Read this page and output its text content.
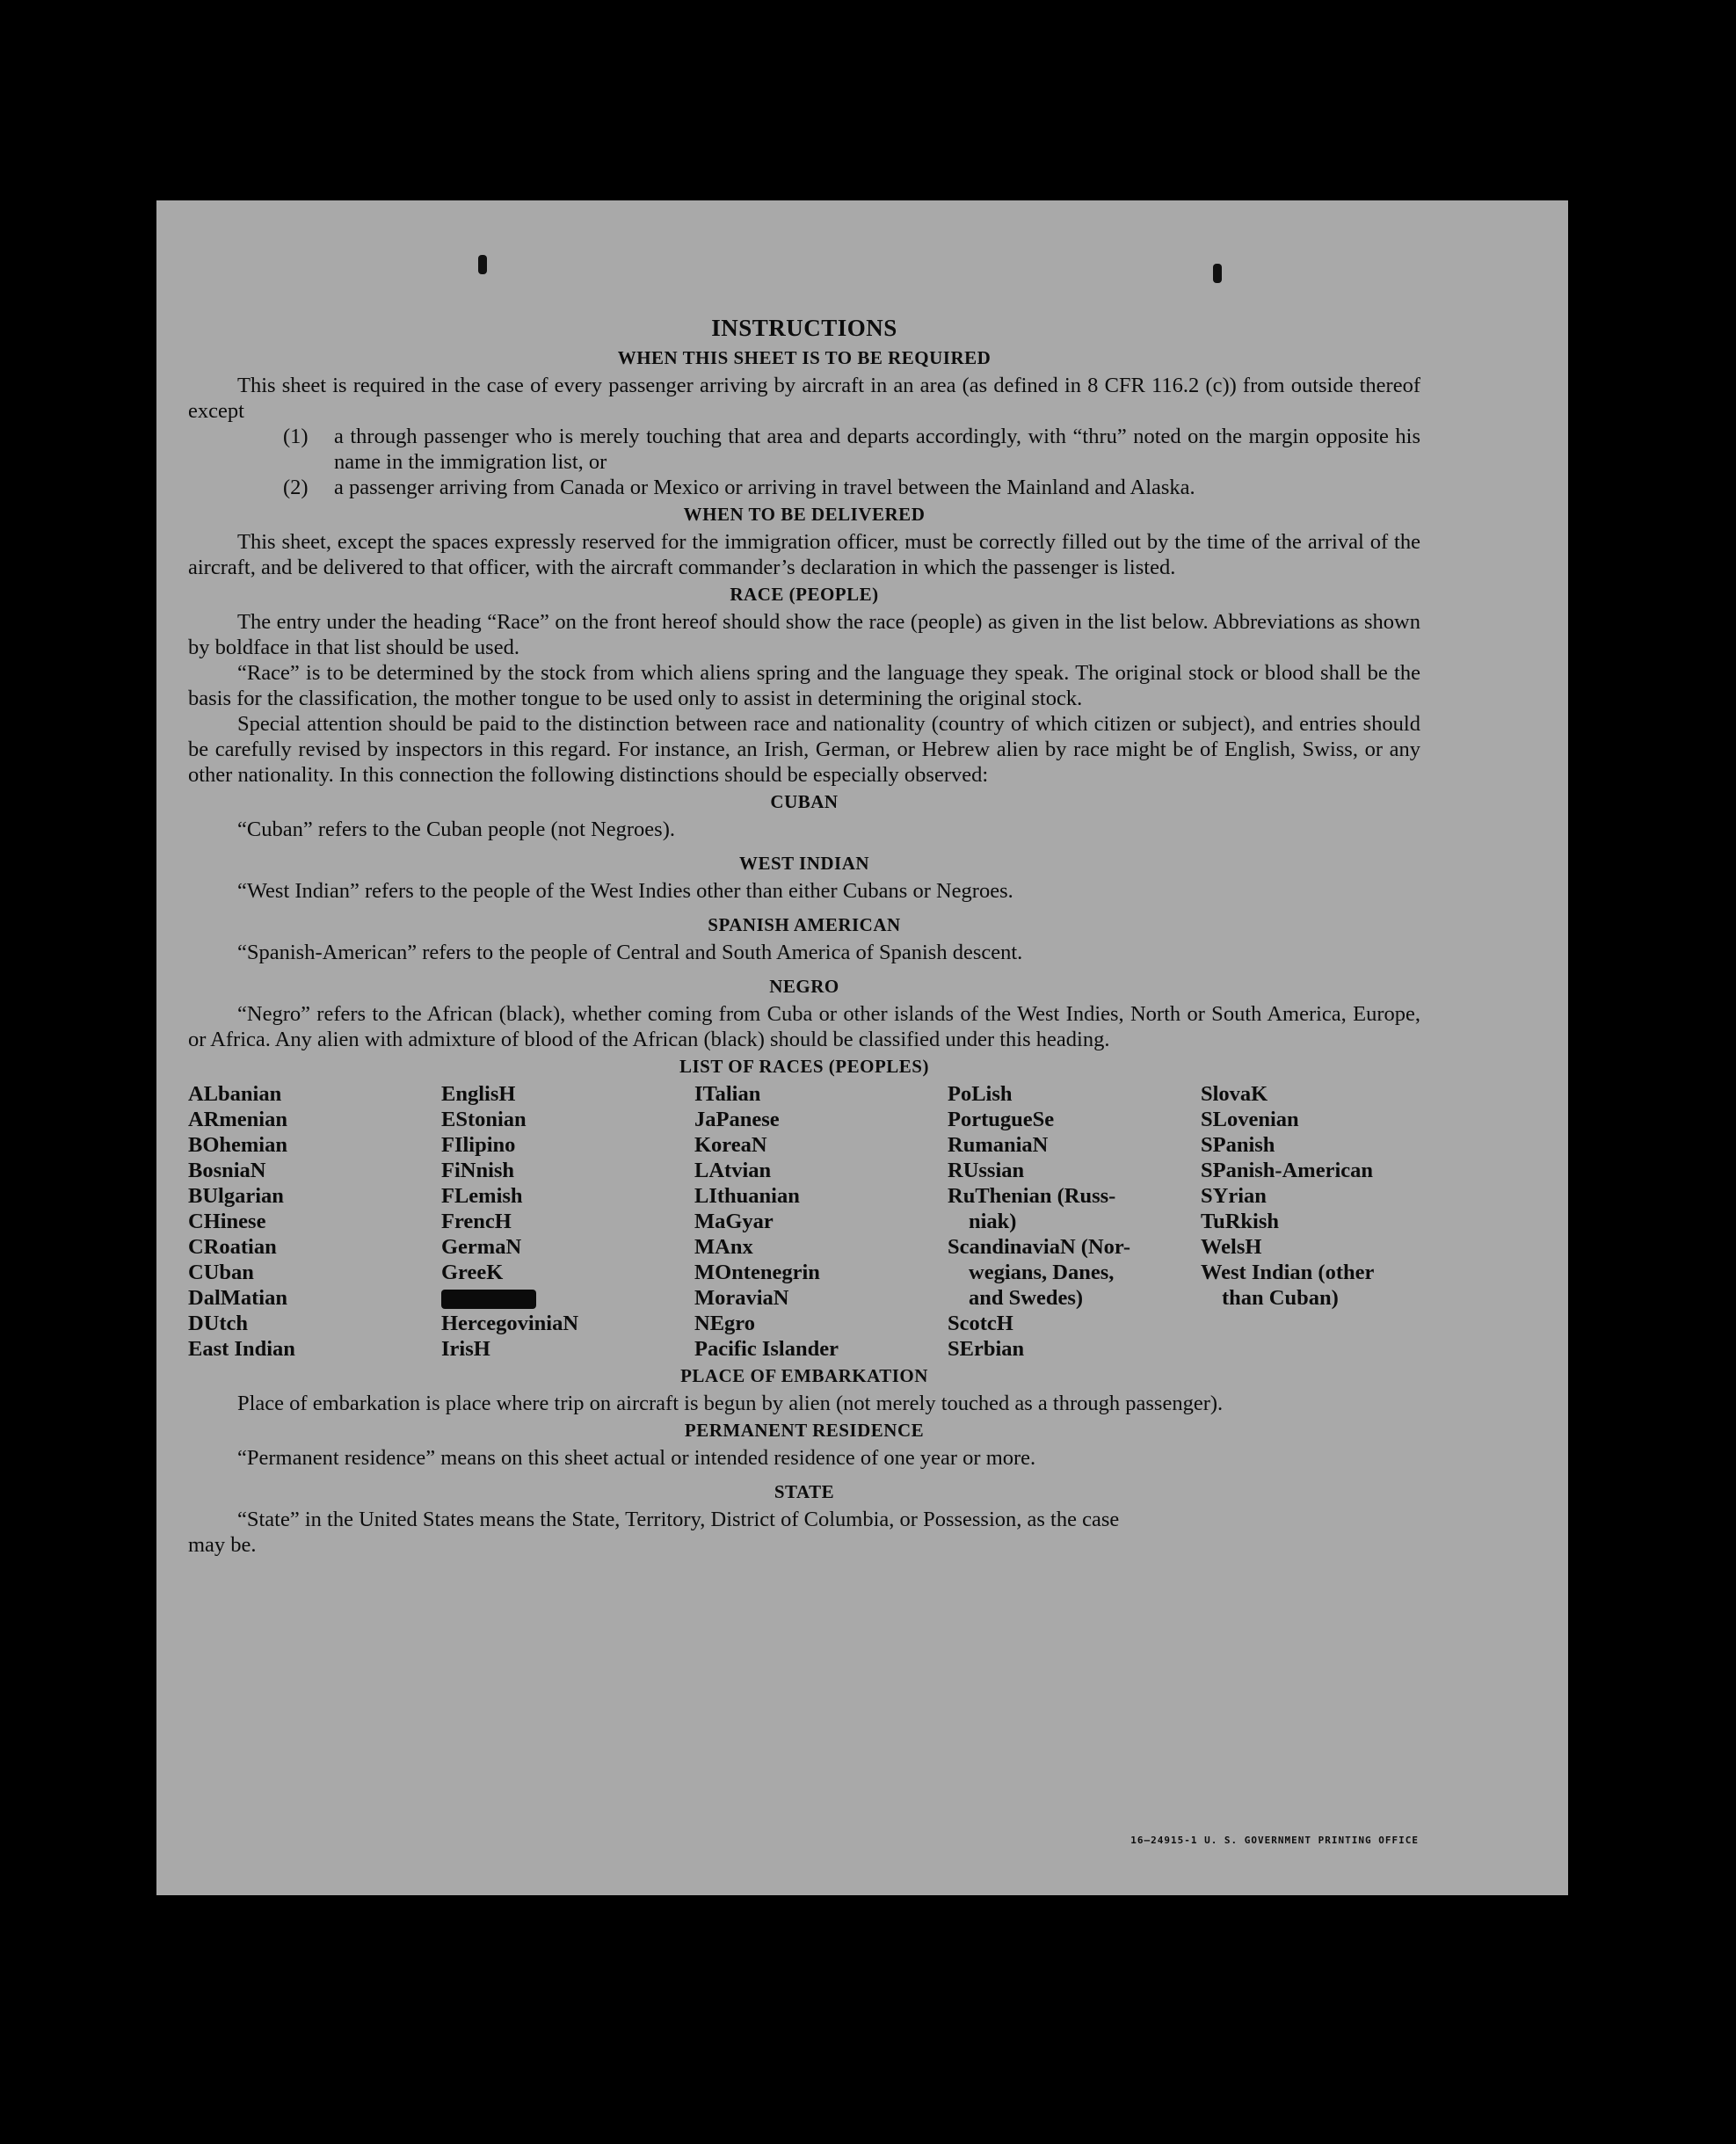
INSTRUCTIONS
WHEN THIS SHEET IS TO BE REQUIRED

This sheet is required in the case of every passenger arriving by aircraft in an area (as defined in 8 CFR 116.2 (c)) from outside thereof except

(1)	a through passenger who is merely touching that area and departs accordingly, with “thru” noted on the margin opposite his name in the immigration list, or
(2)	a passenger arriving from Canada or Mexico or arriving in travel between the Mainland and Alaska.
WHEN TO BE DELIVERED

This sheet, except the spaces expressly reserved for the immigration officer, must be correctly filled out by the time of the arrival of the aircraft, and be delivered to that officer, with the aircraft commander’s declaration in which the passenger is listed.

RACE (PEOPLE)

The entry under the heading “Race” on the front hereof should show the race (people) as given in the list below. Abbreviations as shown by boldface in that list should be used.

“Race” is to be determined by the stock from which aliens spring and the language they speak. The original stock or blood shall be the basis for the classification, the mother tongue to be used only to assist in determining the original stock.

Special attention should be paid to the distinction between race and nationality (country of which citizen or subject), and entries should be carefully revised by inspectors in this regard. For instance, an Irish, German, or Hebrew alien by race might be of English, Swiss, or any other nationality. In this connection the following distinctions should be especially observed:

CUBAN

“Cuban” refers to the Cuban people (not Negroes).

WEST INDIAN

“West Indian” refers to the people of the West Indies other than either Cubans or Negroes.

SPANISH AMERICAN

“Spanish-American” refers to the people of Central and South America of Spanish descent.

NEGRO

“Negro” refers to the African (black), whether coming from Cuba or other islands of the West Indies, North or South America, Europe, or Africa. Any alien with admixture of blood of the African (black) should be classified under this heading.

LIST OF RACES (PEOPLES)
ALbanian
ARmenian
BOhemian
BosniaN
BUlgarian
CHinese
CRoatian
CUban
DalMatian
DUtch
East Indian
EnglisH
EStonian
FIlipino
FiNnish
FLemish
FrencH
GermaN
GreeK
HercegoviniaN
IrisH
ITalian
JaPanese
KoreaN
LAtvian
LIthuanian
MaGyar
MAnx
MOntenegrin
MoraviaN
NEgro
Pacific Islander
PoLish
PortugueSe
RumaniaN
RUssian
RuThenian (Russ-
niak)
ScandinaviaN (Nor-
wegians, Danes,
and Swedes)
ScotcH
SErbian
SlovaK
SLovenian
SPanish
SPanish-American
SYrian
TuRkish
WelsH
West Indian (other
than Cuban)
PLACE OF EMBARKATION

Place of embarkation is place where trip on aircraft is begun by alien (not merely touched as a through passenger).

PERMANENT RESIDENCE

“Permanent residence” means on this sheet actual or intended residence of one year or more.

STATE

“State” in the United States means the State, Territory, District of Columbia, or Possession, as the case

may be.

16—24915-1 U. S. GOVERNMENT PRINTING OFFICE
